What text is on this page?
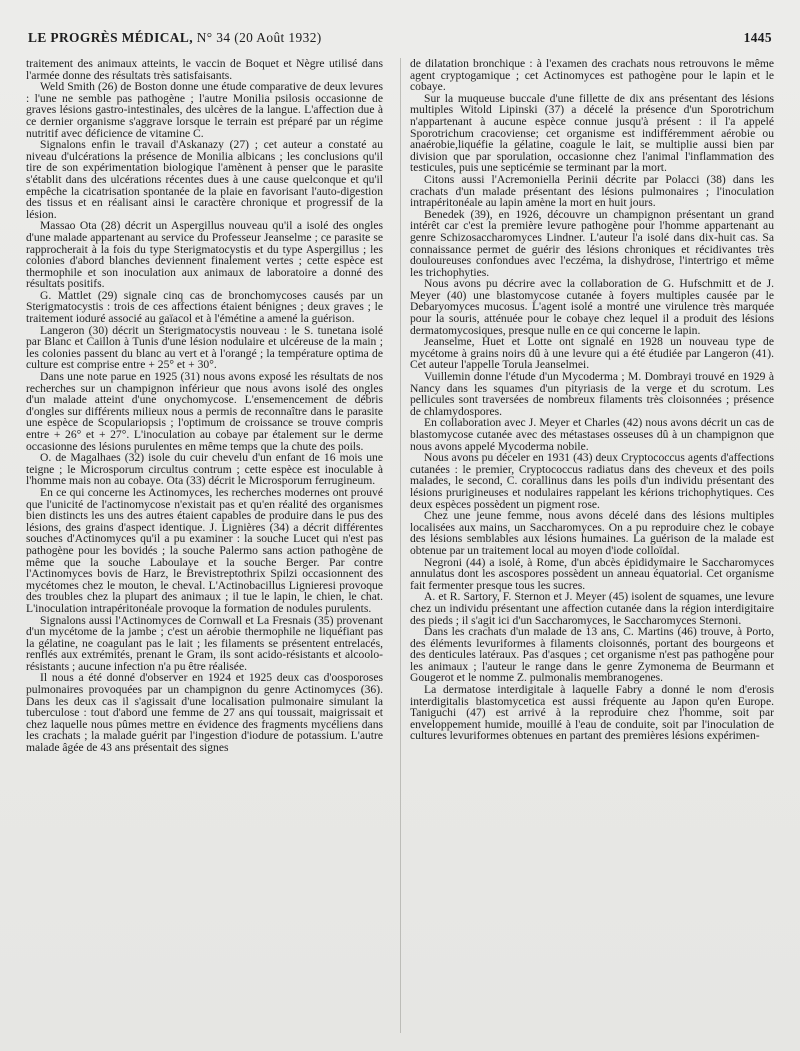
LE PROGRÈS MÉDICAL, N° 34 (20 Août 1932)	1445

traitement des animaux atteints, le vaccin de Boquet et Nègre utilisé dans l'armée donne des résultats très satisfaisants.

Weld Smith (26) de Boston donne une étude comparative de deux levures : l'une ne semble pas pathogène ; l'autre Monilia psilosis occasionne de graves lésions gastro-intestinales, des ulcères de la langue. L'affection due à ce dernier organisme s'aggrave lorsque le terrain est préparé par un régime nutritif avec déficience de vitamine C.

Signalons enfin le travail d'Askanazy (27) ; cet auteur a constaté au niveau d'ulcérations la présence de Monilia albicans ; les conclusions qu'il tire de son expérimentation biologique l'amènent à penser que le parasite s'établit dans des ulcérations récentes dues à une cause quelconque et qu'il empêche la cicatrisation spontanée de la plaie en favorisant l'auto-digestion des tissus et en réalisant ainsi le caractère chronique et progressif de la lésion.

Massao Ota (28) décrit un Aspergillus nouveau qu'il a isolé des ongles d'une malade appartenant au service du Professeur Jeanselme ; ce parasite se rapprocherait à la fois du type Sterigmatocystis et du type Aspergillus ; les colonies d'abord blanches deviennent finalement vertes ; cette espèce est thermophile et son inoculation aux animaux de laboratoire a donné des résultats positifs.

G. Mattlet (29) signale cinq cas de bronchomycoses causés par un Sterigmatocystis : trois de ces affections étaient bénignes ; deux graves ; le traitement ioduré associé au gaïacol et à l'émétine a amené la guérison.

Langeron (30) décrit un Sterigmatocystis nouveau : le S. tunetana isolé par Blanc et Caillon à Tunis d'une lésion nodulaire et ulcéreuse de la main ; les colonies passent du blanc au vert et à l'orangé ; la température optima de culture est comprise entre + 25° et + 30°.

Dans une note parue en 1925 (31) nous avons exposé les résultats de nos recherches sur un champignon inférieur que nous avons isolé des ongles d'un malade atteint d'une onychomycose. L'ensemencement de débris d'ongles sur différents milieux nous a permis de reconnaître dans le parasite une espèce de Scopulariopsis ; l'optimum de croissance se trouve compris entre + 26° et + 27°. L'inoculation au cobaye par étalement sur le derme occasionne des lésions purulentes en même temps que la chute des poils.

O. de Magalhaes (32) isole du cuir chevelu d'un enfant de 16 mois une teigne ; le Microsporum circultus contrum ; cette espèce est inoculable à l'homme mais non au cobaye. Ota (33) décrit le Microsporum ferrugineum.

En ce qui concerne les Actinomyces, les recherches modernes ont prouvé que l'unicité de l'actinomycose n'existait pas et qu'en réalité des organismes bien distincts les uns des autres étaient capables de produire dans le pus des lésions, des grains d'aspect identique. J. Lignières (34) a décrit différentes souches d'Actinomyces qu'il a pu examiner : la souche Lucet qui n'est pas pathogène pour les bovidés ; la souche Palermo sans action pathogène de même que la souche Laboulaye et la souche Berger. Par contre l'Actinomyces bovis de Harz, le Brevistreptothrix Spilzi occasionnent des mycétomes chez le mouton, le cheval. L'Actinobacillus Lignieresi provoque des troubles chez la plupart des animaux ; il tue le lapin, le chien, le chat. L'inoculation intrapéritonéale provoque la formation de nodules purulents.

Signalons aussi l'Actinomyces de Cornwall et La Fresnais (35) provenant d'un mycétome de la jambe ; c'est un aérobie thermophile ne liquéfiant pas la gélatine, ne coagulant pas le lait ; les filaments se présentent entrelacés, renflés aux extrémités, prenant le Gram, ils sont acido-résistants et alcoolo-résistants ; aucune infection n'a pu être réalisée.

Il nous a été donné d'observer en 1924 et 1925 deux cas d'oosporoses pulmonaires provoquées par un champignon du genre Actinomyces (36). Dans les deux cas il s'agissait d'une localisation pulmonaire simulant la tuberculose : tout d'abord une femme de 27 ans qui toussait, maigrissait et chez laquelle nous pûmes mettre en évidence des fragments mycéliens dans les crachats ; la malade guérit par l'ingestion d'iodure de potassium. L'autre malade âgée de 43 ans présentait des signes

de dilatation bronchique : à l'examen des crachats nous retrouvons le même agent cryptogamique ; cet Actinomyces est pathogène pour le lapin et le cobaye.

Sur la muqueuse buccale d'une fillette de dix ans présentant des lésions multiples Witold Lipinski (37) a décelé la présence d'un Sporotrichum n'appartenant à aucune espèce connue jusqu'à présent : il l'a appelé Sporotrichum cracoviense; cet organisme est indifféremment aérobie ou anaérobie,liquéfie la gélatine, coagule le lait, se multiplie aussi bien par division que par sporulation, occasionne chez l'animal l'inflammation des testicules, puis une septicémie se terminant par la mort.

Citons aussi l'Acremoniella Perinii décrite par Polacci (38) dans les crachats d'un malade présentant des lésions pulmonaires ; l'inoculation intrapéritonéale au lapin amène la mort en huit jours.

Benedek (39), en 1926, découvre un champignon présentant un grand intérêt car c'est la première levure pathogène pour l'homme appartenant au genre Schizosaccharomyces Lindner. L'auteur l'a isolé dans dix-huit cas. Sa connaissance permet de guérir des lésions chroniques et récidivantes très douloureuses confondues avec l'eczéma, la dishydrose, l'intertrigo et même les trichophyties.

Nous avons pu décrire avec la collaboration de G. Hufschmitt et de J. Meyer (40) une blastomycose cutanée à foyers multiples causée par le Debaryomyces mucosus. L'agent isolé a montré une virulence très marquée pour la souris, atténuée pour le cobaye chez lequel il a produit des lésions dermatomycosiques, presque nulle en ce qui concerne le lapin.

Jeanselme, Huet et Lotte ont signalé en 1928 un nouveau type de mycétome à grains noirs dû à une levure qui a été étudiée par Langeron (41). Cet auteur l'appelle Torula Jeanselmei.

Vuillemin donne l'étude d'un Mycoderma ; M. Dombrayi trouvé en 1929 à Nancy dans les squames d'un pityriasis de la verge et du scrotum. Les pellicules sont traversées de nombreux filaments très cloisonnées ; présence de chlamydospores.

En collaboration avec J. Meyer et Charles (42) nous avons décrit un cas de blastomycose cutanée avec des métastases osseuses dû à un champignon que nous avons appelé Mycoderma nobile.

Nous avons pu déceler en 1931 (43) deux Cryptococcus agents d'affections cutanées : le premier, Cryptococcus radiatus dans des cheveux et des poils malades, le second, C. corallinus dans les poils d'un individu présentant des lésions prurigineuses et nodulaires rappelant les kérions trichophytiques. Ces deux espèces possèdent un pigment rose.

Chez une jeune femme, nous avons décelé dans des lésions multiples localisées aux mains, un Saccharomyces. On a pu reproduire chez le cobaye des lésions semblables aux lésions humaines. La guérison de la malade est obtenue par un traitement local au moyen d'iode colloïdal.

Negroni (44) a isolé, à Rome, d'un abcès épididymaire le Saccharomyces annulatus dont les ascospores possèdent un anneau équatorial. Cet organisme fait fermenter presque tous les sucres.

A. et R. Sartory, F. Sternon et J. Meyer (45) isolent de squames, une levure chez un individu présentant une affection cutanée dans la région interdigitaire des pieds ; il s'agit ici d'un Saccharomyces, le Saccharomyces Sternoni.

Dans les crachats d'un malade de 13 ans, C. Martins (46) trouve, à Porto, des éléments levuriformes à filaments cloisonnés, portant des bourgeons et des denticules latéraux. Pas d'asques ; cet organisme n'est pas pathogène pour les animaux ; l'auteur le range dans le genre Zymonema de Beurmann et Gougerot et le nomme Z. pulmonalis membranogenes.

La dermatose interdigitale à laquelle Fabry a donné le nom d'erosis interdigitalis blastomycetica est aussi fréquente au Japon qu'en Europe. Taniguchi (47) est arrivé à la reproduire chez l'homme, soit par enveloppement humide, mouillé à l'eau de conduite, soit par l'inoculation de cultures levuriformes obtenues en partant des premières lésions expérimen-
